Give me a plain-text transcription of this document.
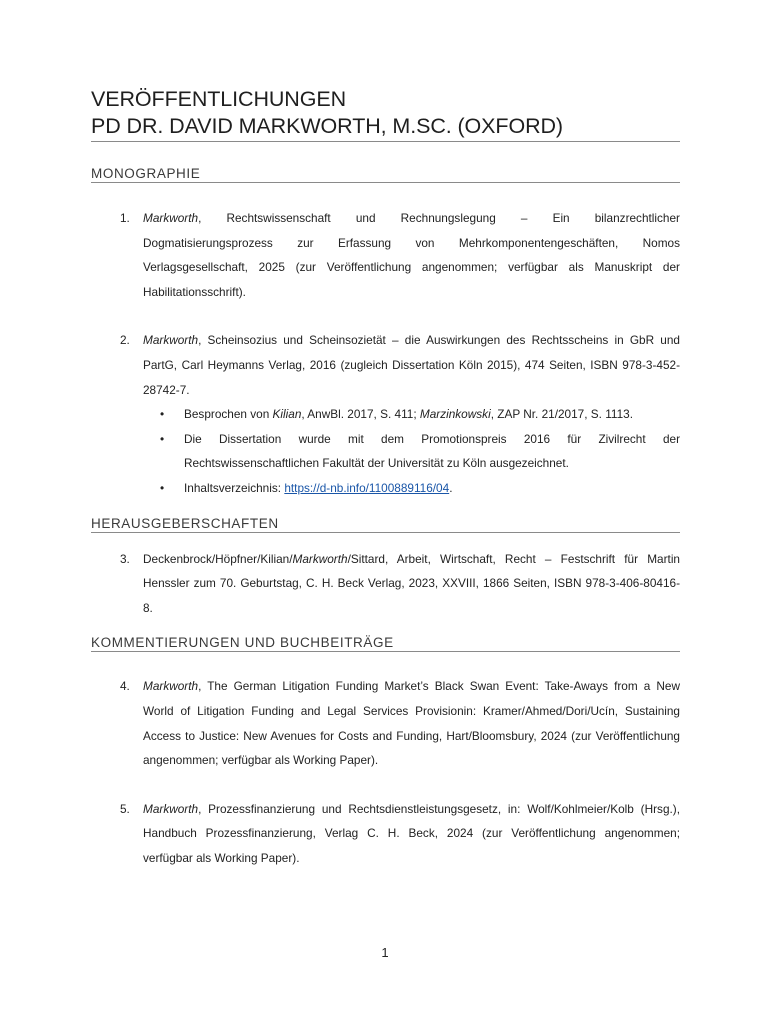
VERÖFFENTLICHUNGEN
PD DR. DAVID MARKWORTH, M.SC. (OXFORD)
MONOGRAPHIE
1. Markworth, Rechtswissenschaft und Rechnungslegung – Ein bilanzrechtlicher Dogmatisierungsprozess zur Erfassung von Mehrkomponentengeschäften, Nomos Verlagsgesellschaft, 2025 (zur Veröffentlichung angenommen; verfügbar als Manuskript der Habilitationsschrift).
2. Markworth, Scheinsozius und Scheinsozietät – die Auswirkungen des Rechtsscheins in GbR und PartG, Carl Heymanns Verlag, 2016 (zugleich Dissertation Köln 2015), 474 Seiten, ISBN 978-3-452-28742-7.
• Besprochen von Kilian, AnwBl. 2017, S. 411; Marzinkowski, ZAP Nr. 21/2017, S. 1113.
• Die Dissertation wurde mit dem Promotionspreis 2016 für Zivilrecht der Rechtswissenschaftlichen Fakultät der Universität zu Köln ausgezeichnet.
• Inhaltsverzeichnis: https://d-nb.info/1100889116/04.
HERAUSGEBERSCHAFTEN
3. Deckenbrock/Höpfner/Kilian/Markworth/Sittard, Arbeit, Wirtschaft, Recht – Festschrift für Martin Henssler zum 70. Geburtstag, C. H. Beck Verlag, 2023, XXVIII, 1866 Seiten, ISBN 978-3-406-80416-8.
KOMMENTIERUNGEN UND BUCHBEITRÄGE
4. Markworth, The German Litigation Funding Market’s Black Swan Event: Take-Aways from a New World of Litigation Funding and Legal Services Provisionin: Kramer/Ahmed/Dori/Ucín, Sustaining Access to Justice: New Avenues for Costs and Funding, Hart/Bloomsbury, 2024 (zur Veröffentlichung angenommen; verfügbar als Working Paper).
5. Markworth, Prozessfinanzierung und Rechtsdienstleistungsgesetz, in: Wolf/Kohlmeier/Kolb (Hrsg.), Handbuch Prozessfinanzierung, Verlag C. H. Beck, 2024 (zur Veröffentlichung angenommen; verfügbar als Working Paper).
1
